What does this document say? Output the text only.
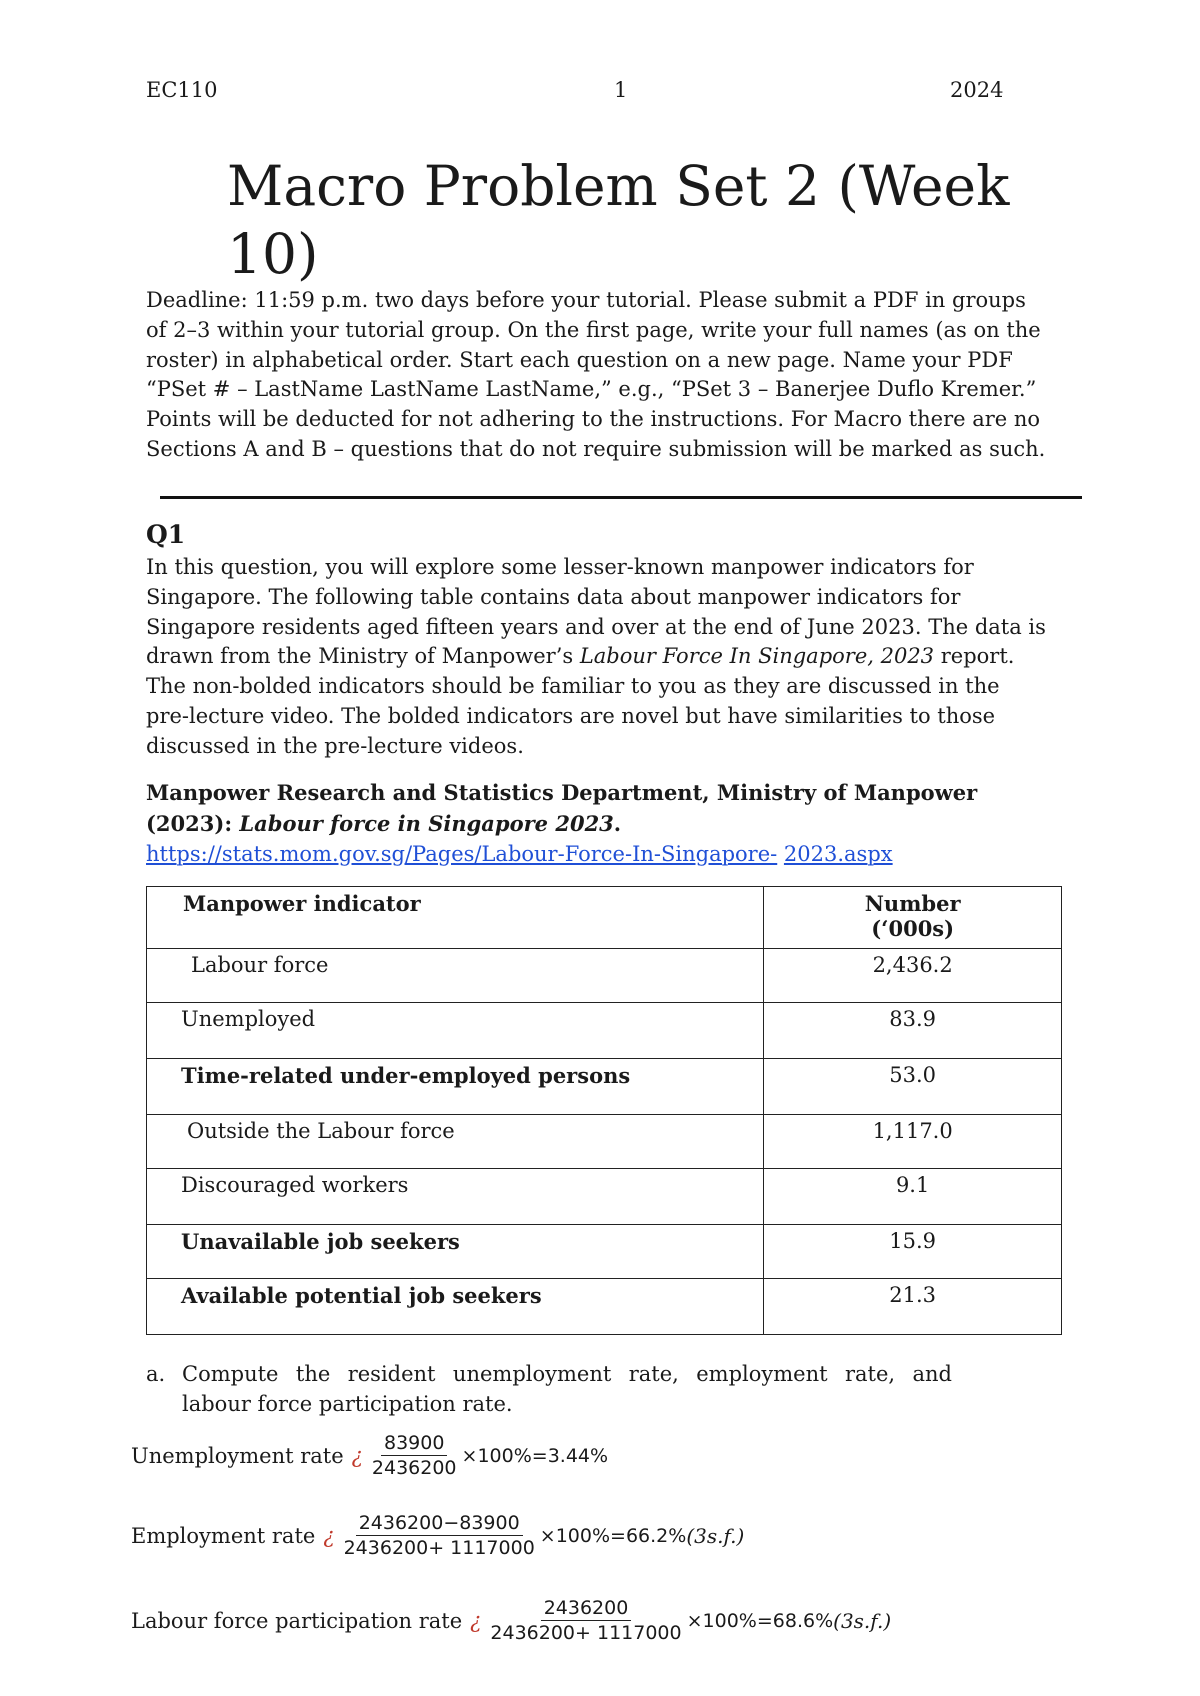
EC110	1	2024
Macro Problem Set 2 (Week 10)

Deadline: 11:59 p.m. two days before your tutorial. Please submit a PDF in groups of 2–3 within your tutorial group. On the first page, write your full names (as on the roster) in alphabetical order. Start each question on a new page. Name your PDF “PSet # – LastName LastName LastName,” e.g., “PSet 3 – Banerjee Duflo Kremer.” Points will be deducted for not adhering to the instructions. For Macro there are no Sections A and B – questions that do not require submission will be marked as such.

Q1

In this question, you will explore some lesser-known manpower indicators for Singapore. The following table contains data about manpower indicators for Singapore residents aged fifteen years and over at the end of June 2023. The data is drawn from the Ministry of Manpower’s Labour Force In Singapore, 2023 report. The non-bolded indicators should be familiar to you as they are discussed in the pre-lecture video. The bolded indicators are novel but have similarities to those discussed in the pre-lecture videos.

Manpower Research and Statistics Department, Ministry of Manpower (2023): Labour force in Singapore 2023.
https://stats.mom.gov.sg/Pages/Labour-Force-In-Singapore- 2023.aspx

Manpower indicator	Number (‘000s)
Labour force	2,436.2
Unemployed	83.9
Time-related under-employed persons	53.0
Outside the Labour force	1,117.0
Discouraged workers	9.1
Unavailable job seekers	15.9
Available potential job seekers	21.3

a. Compute the resident unemployment rate, employment rate, and labour force participation rate.

Unemployment rate ¿ $\frac{83900}{2436200} \times 100\%=3.44\%$
Employment rate ¿ $\frac{2436200-83900}{2436200+ 1117000} \times 100\%=66.2\%$ (3s.f.)
Labour force participation rate ¿ $\frac{2436200}{2436200+ 1117000} \times 100\%=68.6\%$ (3s.f.)
